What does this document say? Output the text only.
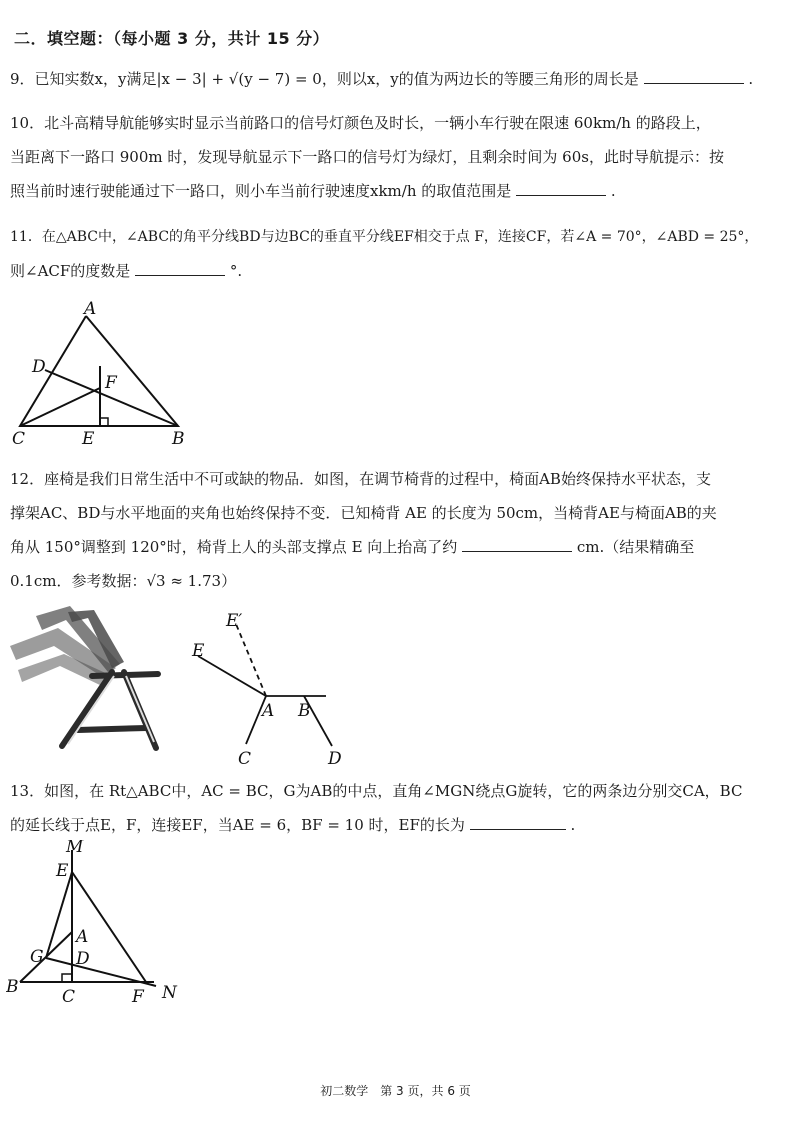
二．填空题：（每小题 3 分，共计 15 分）
9．已知实数x，y满足|x − 3| + √(y − 7) = 0，则以x，y的值为两边长的等腰三角形的周长是	.
10．北斗高精导航能够实时显示当前路口的信号灯颜色及时长，一辆小车行驶在限速 60km/h 的路段上，
当距离下一路口 900m 时，发现导航显示下一路口的信号灯为绿灯，且剩余时间为 60s，此时导航提示：按
照当前时速行驶能通过下一路口，则小车当前行驶速度xkm/h 的取值范围是	.
11．在△ABC中，∠ABC的角平分线BD与边BC的垂直平分线EF相交于点 F，连接CF，若∠A = 70°，∠ABD = 25°，
则∠ACF的度数是	°.
A
B
C
D
E
F
12．座椅是我们日常生活中不可或缺的物品．如图，在调节椅背的过程中，椅面AB始终保持水平状态，支
撑架AC、BD与水平地面的夹角也始终保持不变．已知椅背 AE 的长度为 50cm，当椅背AE与椅面AB的夹
角从 150°调整到 120°时，椅背上人的头部支撑点 E 向上抬高了约	cm.（结果精确至
0.1cm．参考数据：√3 ≈ 1.73）
E
E′
A B
C	D
13．如图，在 Rt△ABC中，AC = BC，G为AB的中点，直角∠MGN绕点G旋转，它的两条边分别交CA，BC
的延长线于点E，F，连接EF，当AE = 6，BF = 10 时，EF的长为	.
M
E
A
G D
B	C	F N
初二数学　第 3 页，共 6 页
